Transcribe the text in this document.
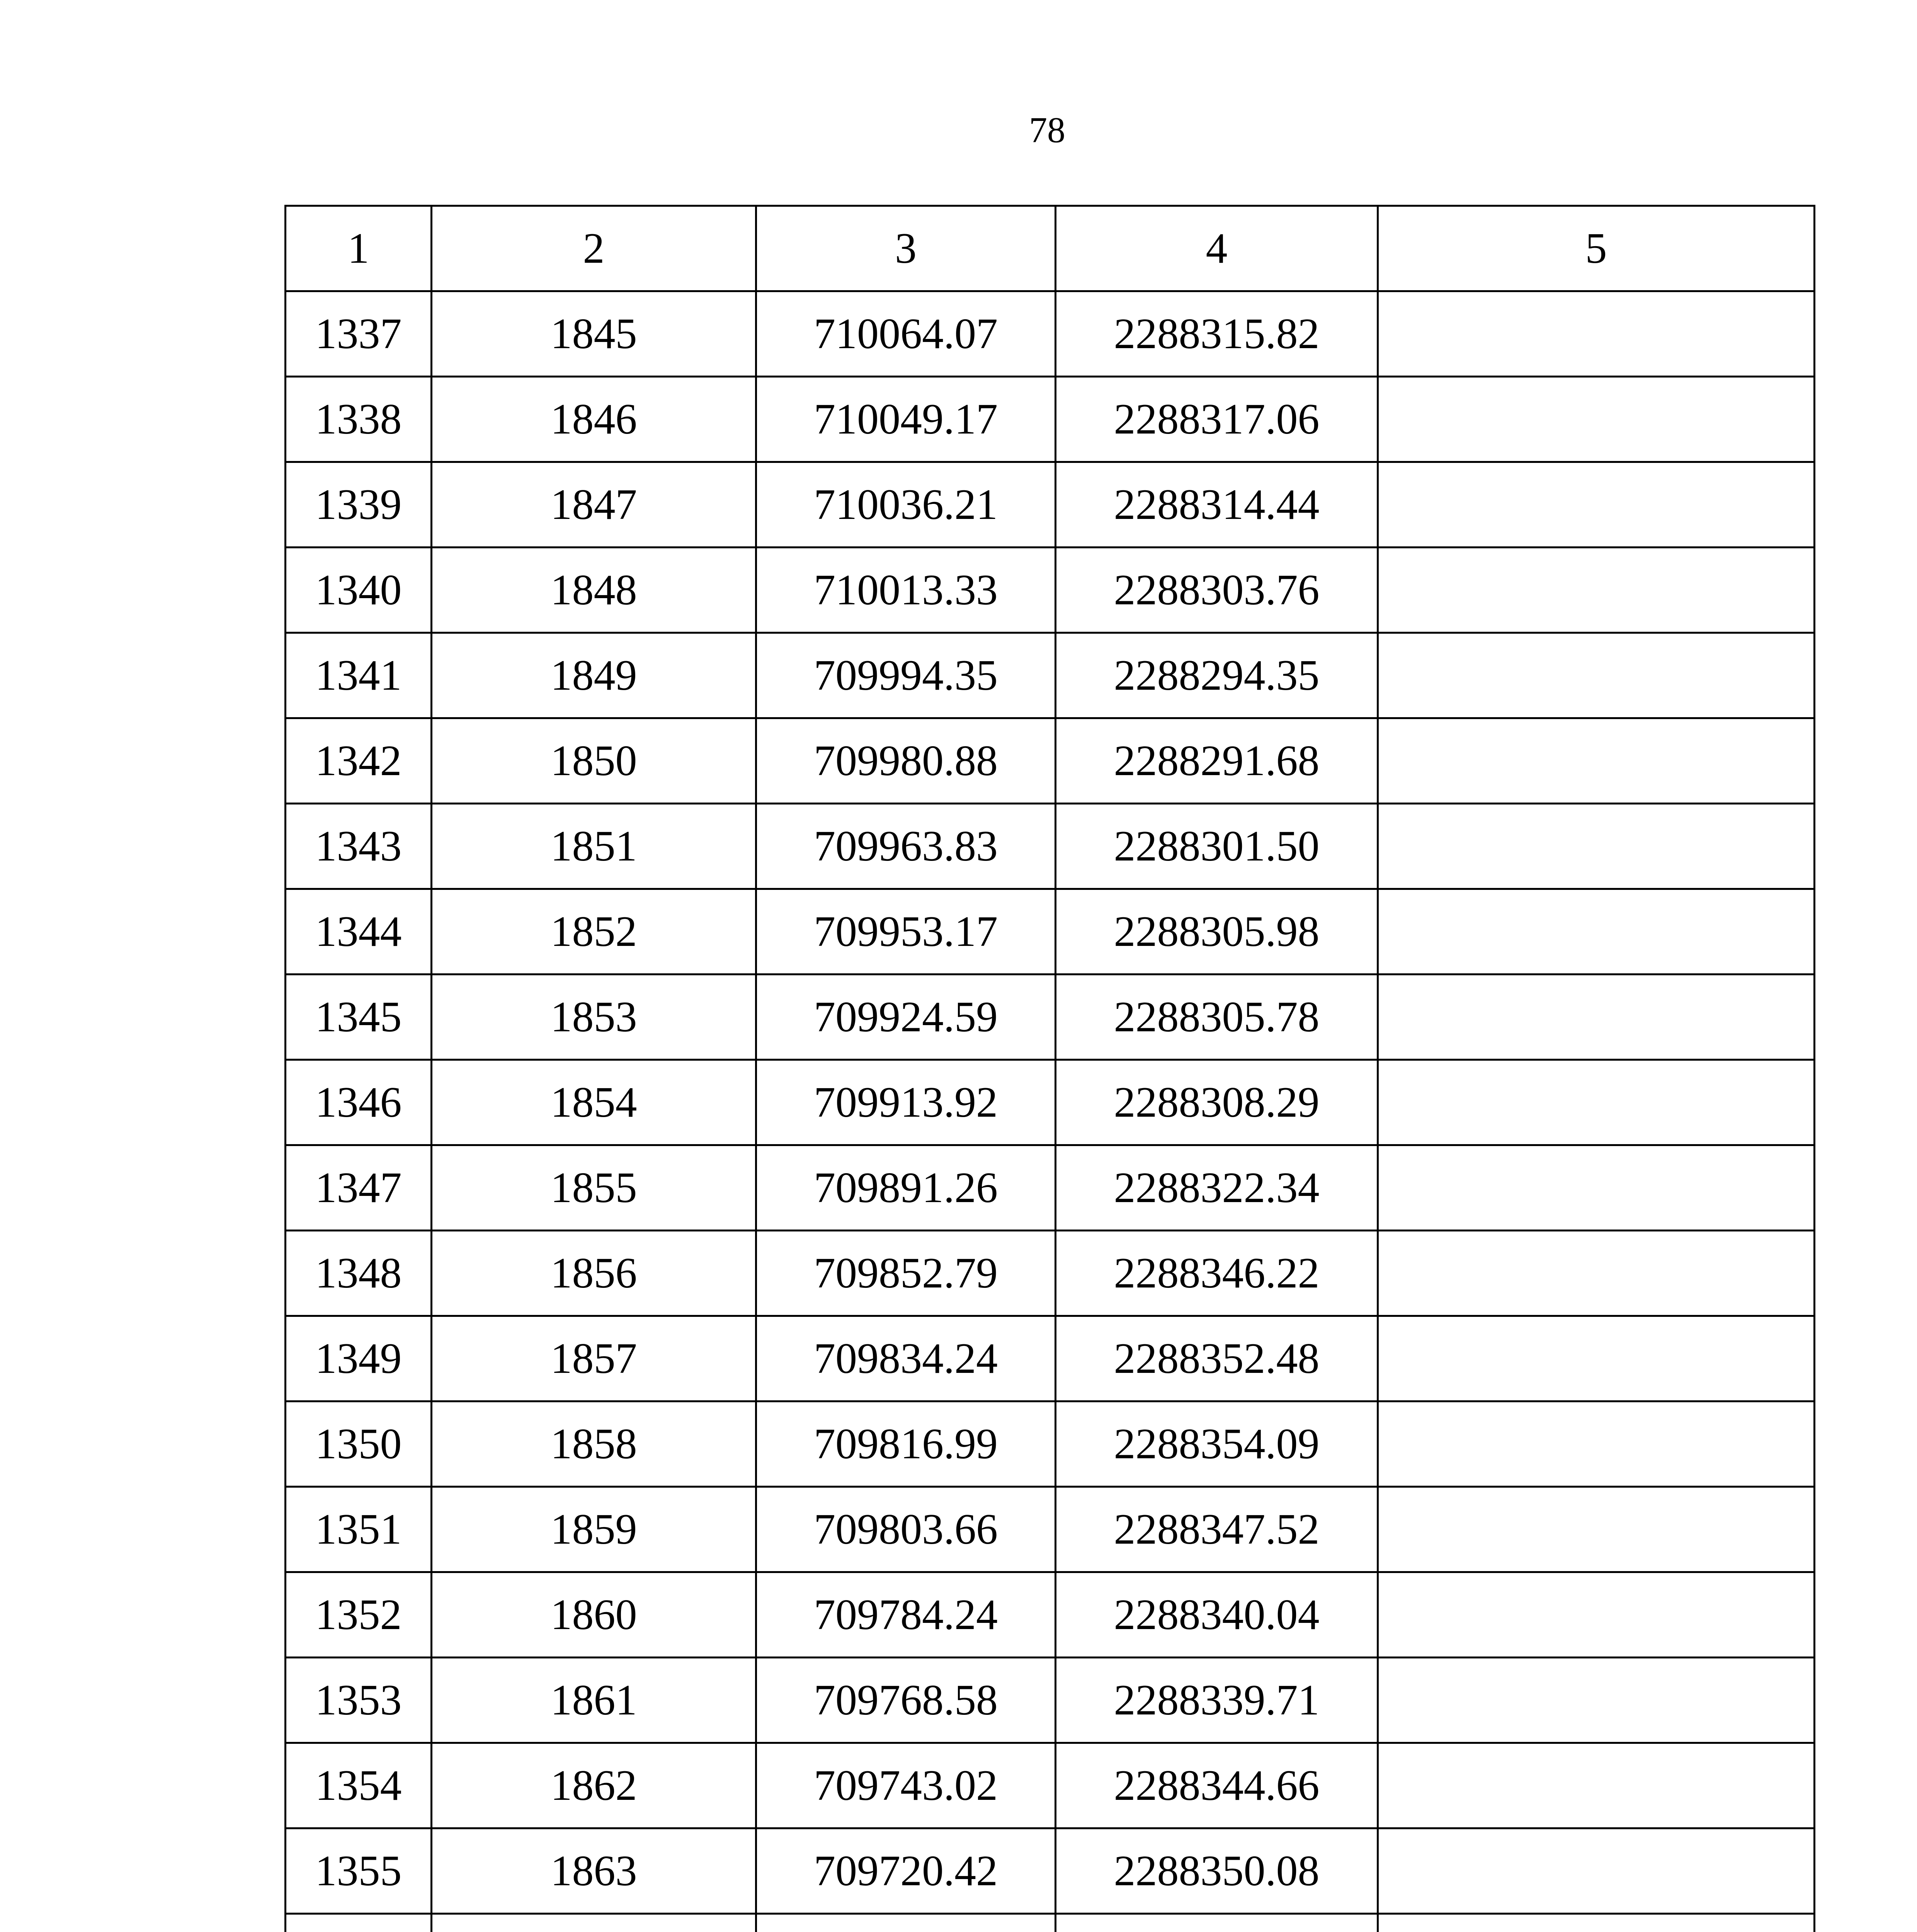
78
1	2	3	4	5
1337	1845	710064.07	2288315.82	
1338	1846	710049.17	2288317.06	
1339	1847	710036.21	2288314.44	
1340	1848	710013.33	2288303.76	
1341	1849	709994.35	2288294.35	
1342	1850	709980.88	2288291.68	
1343	1851	709963.83	2288301.50	
1344	1852	709953.17	2288305.98	
1345	1853	709924.59	2288305.78	
1346	1854	709913.92	2288308.29	
1347	1855	709891.26	2288322.34	
1348	1856	709852.79	2288346.22	
1349	1857	709834.24	2288352.48	
1350	1858	709816.99	2288354.09	
1351	1859	709803.66	2288347.52	
1352	1860	709784.24	2288340.04	
1353	1861	709768.58	2288339.71	
1354	1862	709743.02	2288344.66	
1355	1863	709720.42	2288350.08	
